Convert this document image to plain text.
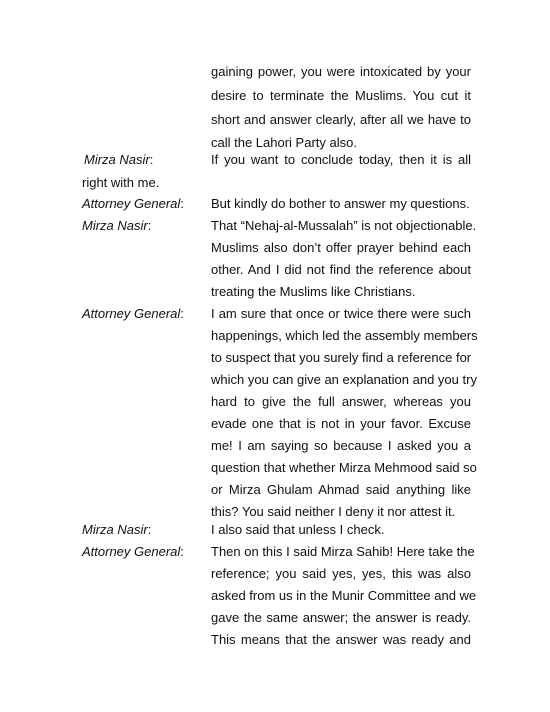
gaining power, you were intoxicated by your
desire to terminate the Muslims. You cut it
short and answer clearly, after all we have to
call the Lahori Party also.
Mirza Nasir:	If you want to conclude today, then it is all
right with me.
Attorney General: But kindly do bother to answer my questions.
Mirza Nasir:	That “Nehaj-al-Mussalah” is not objectionable.
Muslims also don’t offer prayer behind each
other. And I did not find the reference about
treating the Muslims like Christians.
Attorney General: I am sure that once or twice there were such
happenings, which led the assembly members
to suspect that you surely find a reference for
which you can give an explanation and you try
hard to give the full answer, whereas you
evade one that is not in your favor. Excuse
me! I am saying so because I asked you a
question that whether Mirza Mehmood said so
or Mirza Ghulam Ahmad said anything like
this? You said neither I deny it nor attest it.
Mirza Nasir:	I also said that unless I check.
Attorney General: Then on this I said Mirza Sahib! Here take the
reference; you said yes, yes, this was also
asked from us in the Munir Committee and we
gave the same answer; the answer is ready.
This means that the answer was ready and
